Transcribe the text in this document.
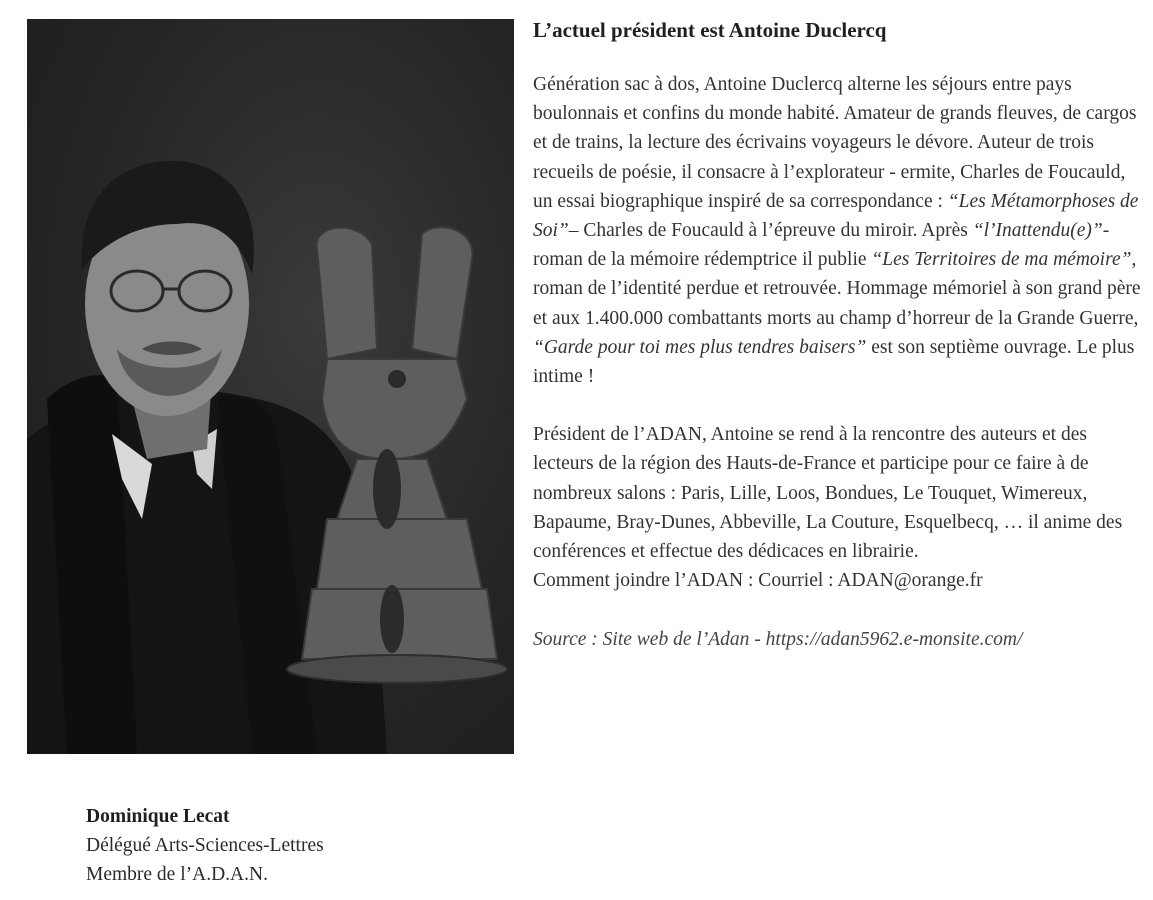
L’actuel président est Antoine Duclercq

Génération sac à dos, Antoine Duclercq alterne les séjours entre pays boulonnais et confins du monde habité. Amateur de grands fleuves, de cargos et de trains, la lecture des écrivains voyageurs le dévore. Auteur de trois recueils de poésie, il consacre à l’explorateur - ermite, Charles de Foucauld, un essai biographique inspiré de sa correspondance : “Les Métamorphoses de Soi”– Charles de Foucauld à l’épreuve du miroir. Après “l’Inattendu(e)”- roman de la mémoire rédemptrice il publie “Les Territoires de ma mémoire”, roman de l’identité perdue et retrouvée. Hommage mémoriel à son grand père et aux 1.400.000 combattants morts au champ d’horreur de la Grande Guerre, “Garde pour toi mes plus tendres baisers” est son septième ouvrage. Le plus intime !

Président de l’ADAN, Antoine se rend à la rencontre des auteurs et des lecteurs de la région des Hauts-de-France et participe pour ce faire à de nombreux salons : Paris, Lille, Loos, Bondues, Le Touquet, Wimereux, Bapaume, Bray-Dunes, Abbeville, La Couture, Esquelbecq, … il anime des conférences et effectue des dédicaces en librairie.

Comment joindre l’ADAN : Courriel : ADAN@orange.fr

Source : Site web de l’Adan - https://adan5962.e-monsite.com/
Dominique Lecat
Délégué Arts-Sciences-Lettres
Membre de l’A.D.A.N.
